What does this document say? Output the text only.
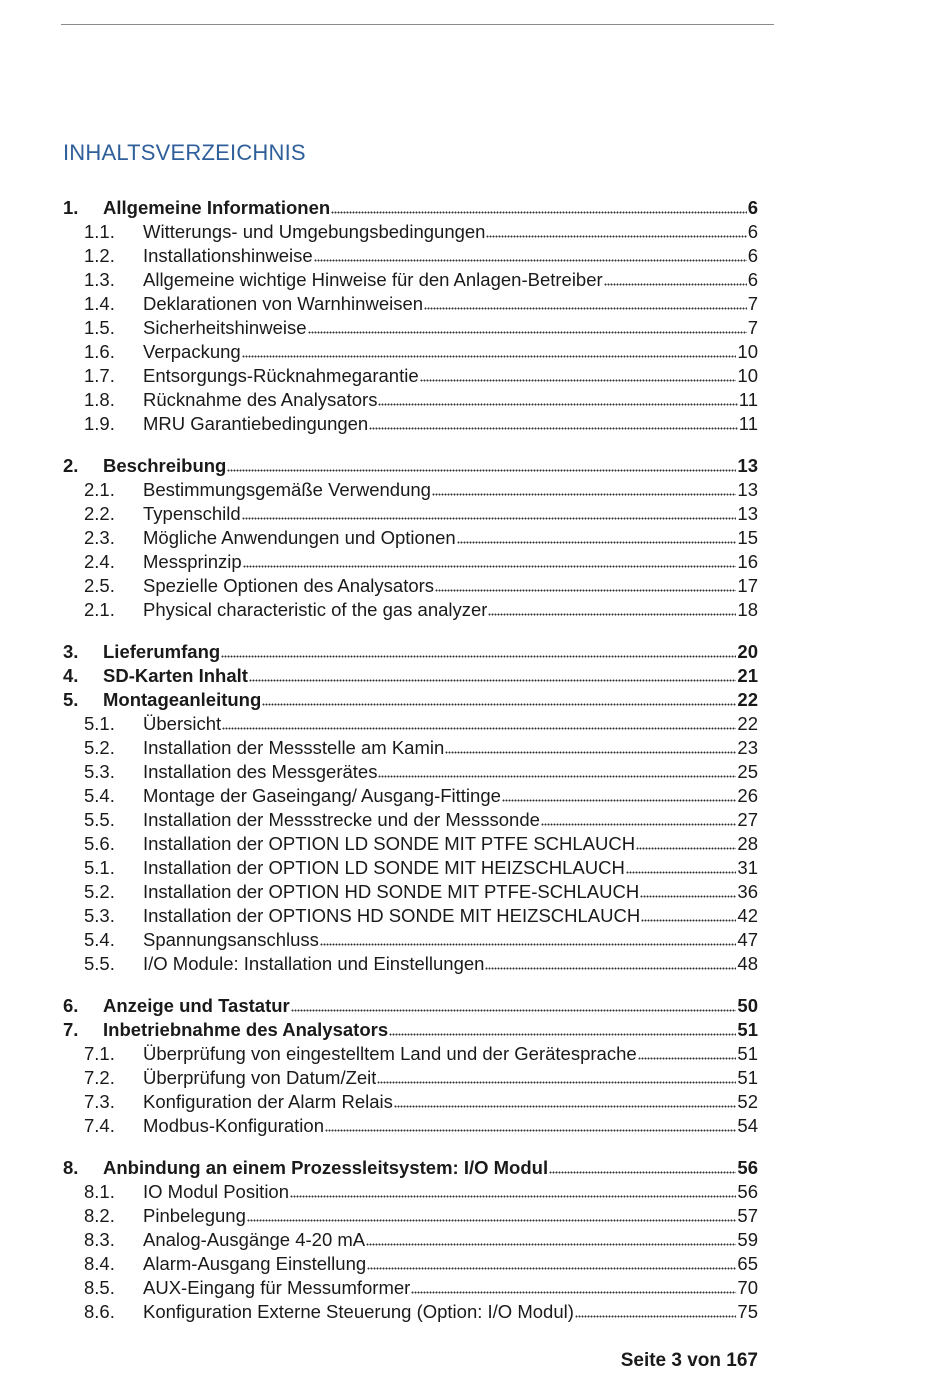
INHALTSVERZEICHNIS
1.	Allgemeine Informationen	6
1.1.	Witterungs- und Umgebungsbedingungen	6
1.2.	Installationshinweise	6
1.3.	Allgemeine wichtige Hinweise für den Anlagen-Betreiber	6
1.4.	Deklarationen von Warnhinweisen	7
1.5.	Sicherheitshinweise	7
1.6.	Verpackung	10
1.7.	Entsorgungs-Rücknahmegarantie	10
1.8.	Rücknahme des Analysators	11
1.9.	MRU Garantiebedingungen	11
2.	Beschreibung	13
2.1.	Bestimmungsgemäße Verwendung	13
2.2.	Typenschild	13
2.3.	Mögliche Anwendungen und Optionen	15
2.4.	Messprinzip	16
2.5.	Spezielle Optionen des Analysators	17
2.1.	Physical characteristic of the gas analyzer	18
3.	Lieferumfang	20
4.	SD-Karten Inhalt	21
5.	Montageanleitung	22
5.1.	Übersicht	22
5.2.	Installation der Messstelle am Kamin	23
5.3.	Installation des Messgerätes	25
5.4.	Montage der Gaseingang/ Ausgang-Fittinge	26
5.5.	Installation der Messstrecke und der Messsonde	27
5.6.	Installation der OPTION LD SONDE MIT PTFE SCHLAUCH	28
5.1.	Installation der OPTION LD SONDE MIT HEIZSCHLAUCH	31
5.2.	Installation der OPTION HD SONDE MIT PTFE-SCHLAUCH	36
5.3.	Installation der OPTIONS HD SONDE MIT HEIZSCHLAUCH	42
5.4.	Spannungsanschluss	47
5.5.	I/O Module: Installation und Einstellungen	48
6.	Anzeige und Tastatur	50
7.	Inbetriebnahme des Analysators	51
7.1.	Überprüfung von eingestelltem Land und der Gerätesprache	51
7.2.	Überprüfung von Datum/Zeit	51
7.3.	Konfiguration der Alarm Relais	52
7.4.	Modbus-Konfiguration	54
8.	Anbindung an einem Prozessleitsystem: I/O Modul	56
8.1.	IO Modul Position	56
8.2.	Pinbelegung	57
8.3.	Analog-Ausgänge 4-20 mA	59
8.4.	Alarm-Ausgang Einstellung	65
8.5.	AUX-Eingang für Messumformer	70
8.6.	Konfiguration Externe Steuerung (Option: I/O Modul)	75
Seite 3 von 167
